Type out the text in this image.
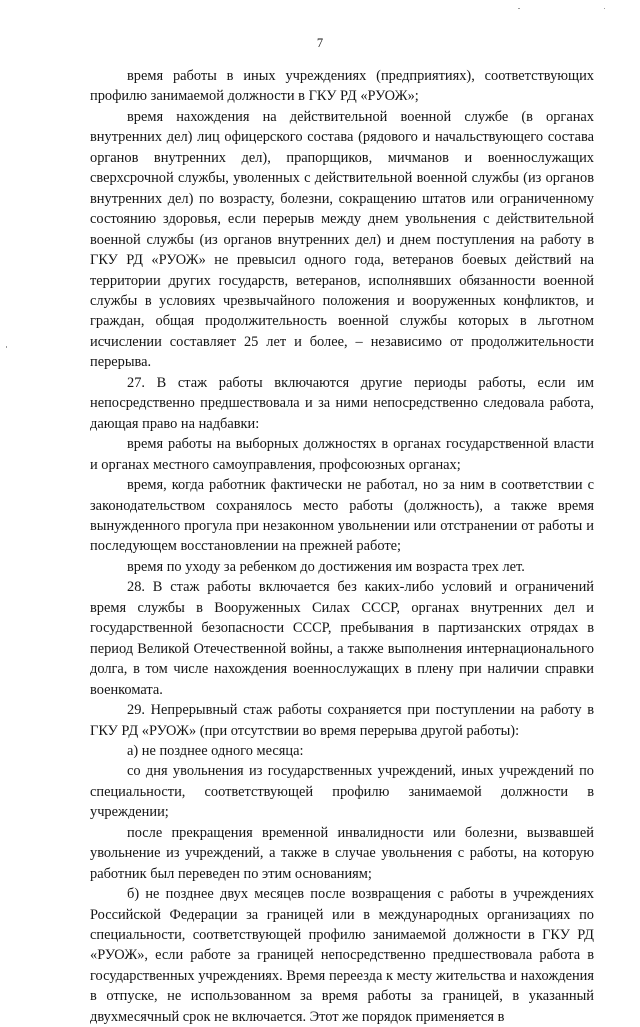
7

время работы в иных учреждениях (предприятиях), соответствующих профилю занимаемой должности в ГКУ РД «РУОЖ»;

время нахождения на действительной военной службе (в органах внутренних дел) лиц офицерского состава (рядового и начальствующего состава органов внутренних дел), прапорщиков, мичманов и военнослужащих сверхсрочной службы, уволенных с действительной военной службы (из органов внутренних дел) по возрасту, болезни, сокращению штатов или ограниченному состоянию здоровья, если перерыв между днем увольнения с действительной военной службы (из органов внутренних дел) и днем поступления на работу в ГКУ РД «РУОЖ» не превысил одного года, ветеранов боевых действий на территории других государств, ветеранов, исполнявших обязанности военной службы в условиях чрезвычайного положения и вооруженных конфликтов, и граждан, общая продолжительность военной службы которых в льготном исчислении составляет 25 лет и более, – независимо от продолжительности перерыва.

27. В стаж работы включаются другие периоды работы, если им непосредственно предшествовала и за ними непосредственно следовала работа, дающая право на надбавки:

время работы на выборных должностях в органах государственной власти и органах местного самоуправления, профсоюзных органах;

время, когда работник фактически не работал, но за ним в соответствии с законодательством сохранялось место работы (должность), а также время вынужденного прогула при незаконном увольнении или отстранении от работы и последующем восстановлении на прежней работе;

время по уходу за ребенком до достижения им возраста трех лет.

28. В стаж работы включается без каких-либо условий и ограничений время службы в Вооруженных Силах СССР, органах внутренних дел и государственной безопасности СССР, пребывания в партизанских отрядах в период Великой Отечественной войны, а также выполнения интернационального долга, в том числе нахождения военнослужащих в плену при наличии справки военкомата.

29. Непрерывный стаж работы сохраняется при поступлении на работу в ГКУ РД «РУОЖ» (при отсутствии во время перерыва другой работы):

а) не позднее одного месяца:

со дня увольнения из государственных учреждений, иных учреждений по специальности, соответствующей профилю занимаемой должности в учреждении;

после прекращения временной инвалидности или болезни, вызвавшей увольнение из учреждений, а также в случае увольнения с работы, на которую работник был переведен по этим основаниям;

б) не позднее двух месяцев после возвращения с работы в учреждениях Российской Федерации за границей или в международных организациях по специальности, соответствующей профилю занимаемой должности в ГКУ РД «РУОЖ», если работе за границей непосредственно предшествовала работа в государственных учреждениях. Время переезда к месту жительства и нахождения в отпуске, не использованном за время работы за границей, в указанный двухмесячный срок не включается. Этот же порядок применяется в
